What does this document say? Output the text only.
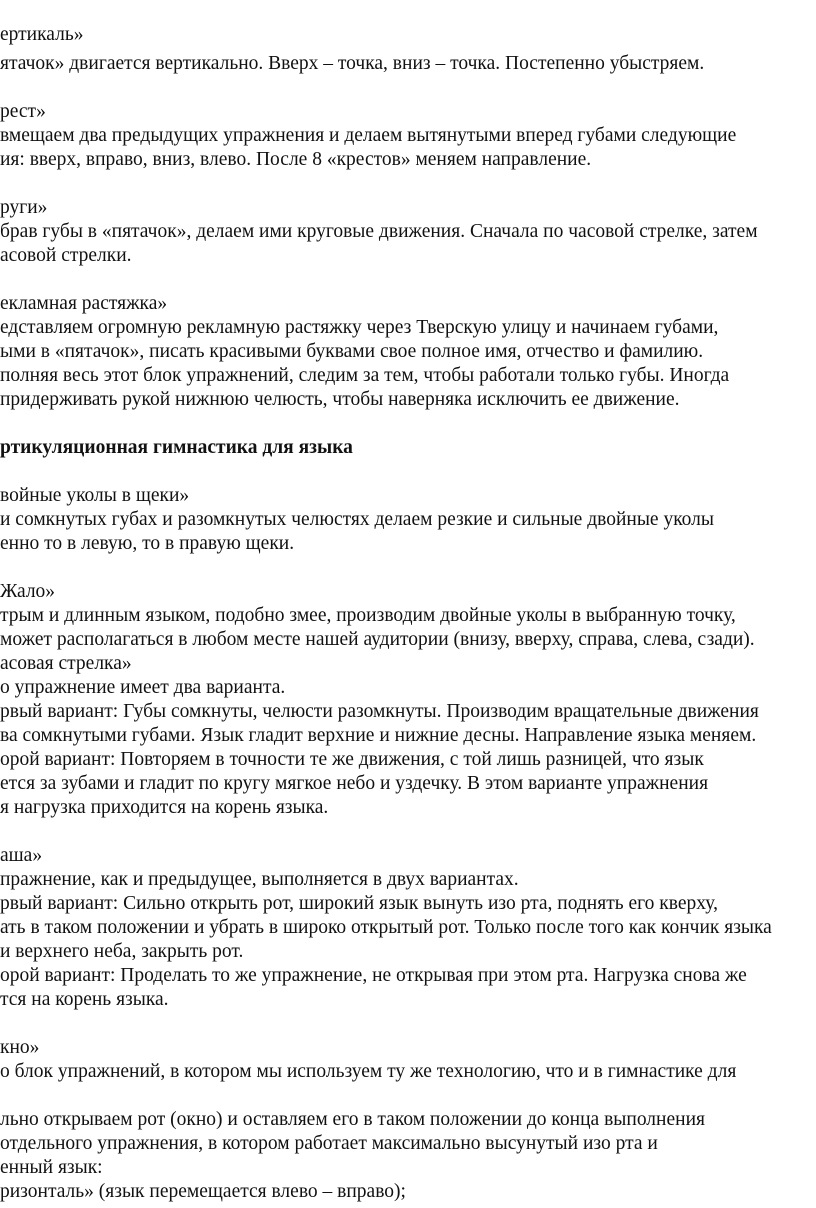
ертикаль»
ятачок» двигается вертикально. Вверх – точка, вниз – точка. Постепенно убыстряем.
рест»
вмещаем два предыдущих упражнения и делаем вытянутыми вперед губами следующие
ия: вверх, вправо, вниз, влево. После 8 «крестов» меняем направление.
руги»
брав губы в «пятачок», делаем ими круговые движения. Сначала по часовой стрелке, затем
асовой стрелки.
екламная растяжка»
едставляем огромную рекламную растяжку через Тверскую улицу и начинаем губами,
ыми в «пятачок», писать красивыми буквами свое полное имя, отчество и фамилию.
полняя весь этот блок упражнений, следим за тем, чтобы работали только губы. Иногда
придерживать рукой нижнюю челюсть, чтобы наверняка исключить ее движение.
ртикуляционная гимнастика для языка
войные уколы в щеки»
и сомкнутых губах и разомкнутых челюстях делаем резкие и сильные двойные уколы
енно то в левую, то в правую щеки.
Жало»
трым и длинным языком, подобно змее, производим двойные уколы в выбранную точку,
может располагаться в любом месте нашей аудитории (внизу, вверху, справа, слева, сзади).
асовая стрелка»
о упражнение имеет два варианта.
рвый вариант: Губы сомкнуты, челюсти разомкнуты. Производим вращательные движения
ва сомкнутыми губами. Язык гладит верхние и нижние десны. Направление языка меняем.
орой вариант: Повторяем в точности те же движения, с той лишь разницей, что язык
ется за зубами и гладит по кругу мягкое небо и уздечку. В этом варианте упражнения
я нагрузка приходится на корень языка.
аша»
пражнение, как и предыдущее, выполняется в двух вариантах.
рвый вариант: Сильно открыть рот, широкий язык вынуть изо рта, поднять его кверху,
ать в таком положении и убрать в широко открытый рот. Только после того как кончик языка
и верхнего неба, закрыть рот.
орой вариант: Проделать то же упражнение, не открывая при этом рта. Нагрузка снова же
тся на корень языка.
кно»
о блок упражнений, в котором мы используем ту же технологию, что и в гимнастике для
льно открываем рот (окно) и оставляем его в таком положении до конца выполнения
отдельного упражнения, в котором работает максимально высунутый изо рта и
енный язык:
ризонталь» (язык перемещается влево – вправо);
